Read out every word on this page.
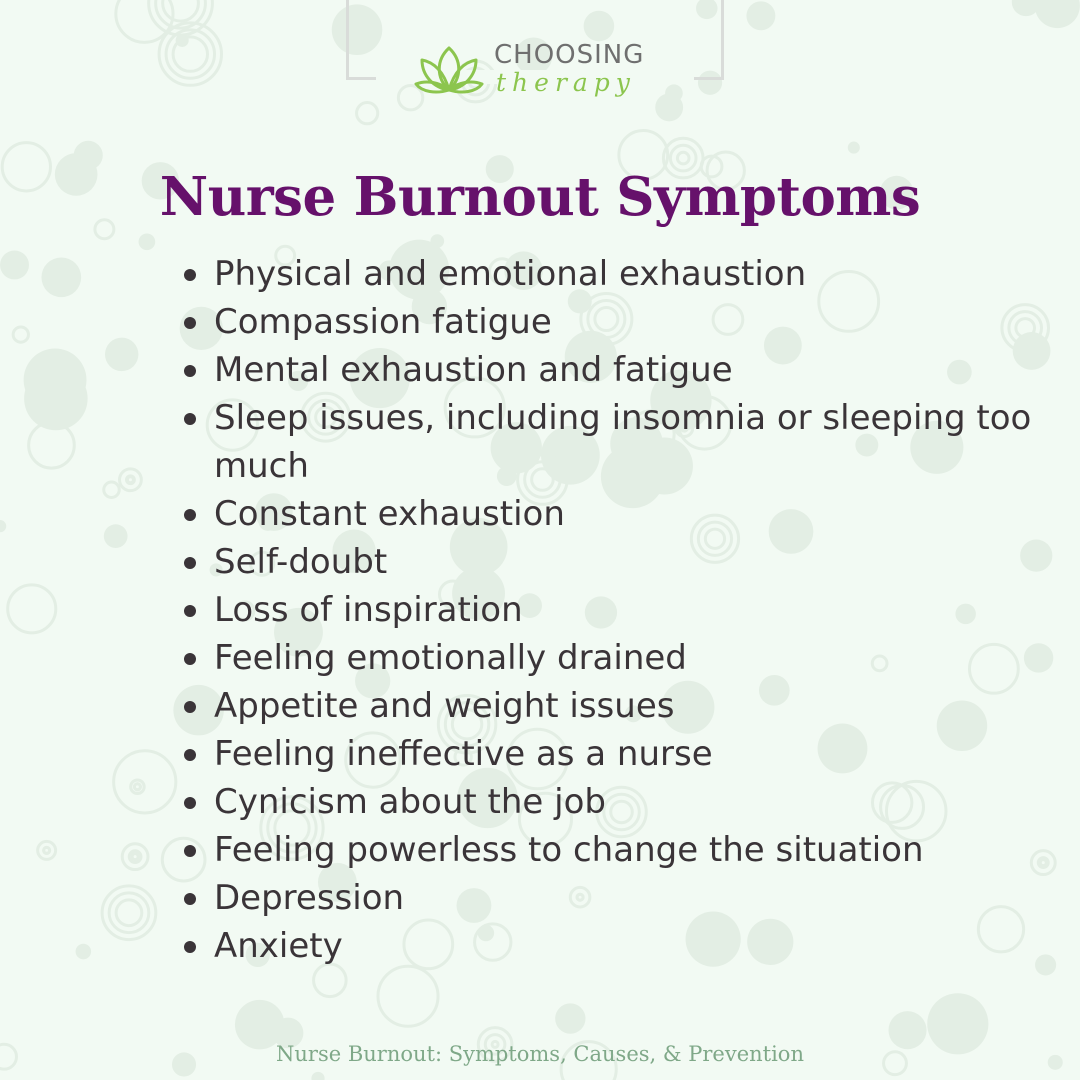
CHOOSING
therapy
Nurse Burnout Symptoms
Physical and emotional exhaustion
Compassion fatigue
Mental exhaustion and fatigue
Sleep issues, including insomnia or sleeping too much
Constant exhaustion
Self-doubt
Loss of inspiration
Feeling emotionally drained
Appetite and weight issues
Feeling ineffective as a nurse
Cynicism about the job
Feeling powerless to change the situation
Depression
Anxiety
Nurse Burnout: Symptoms, Causes, & Prevention
